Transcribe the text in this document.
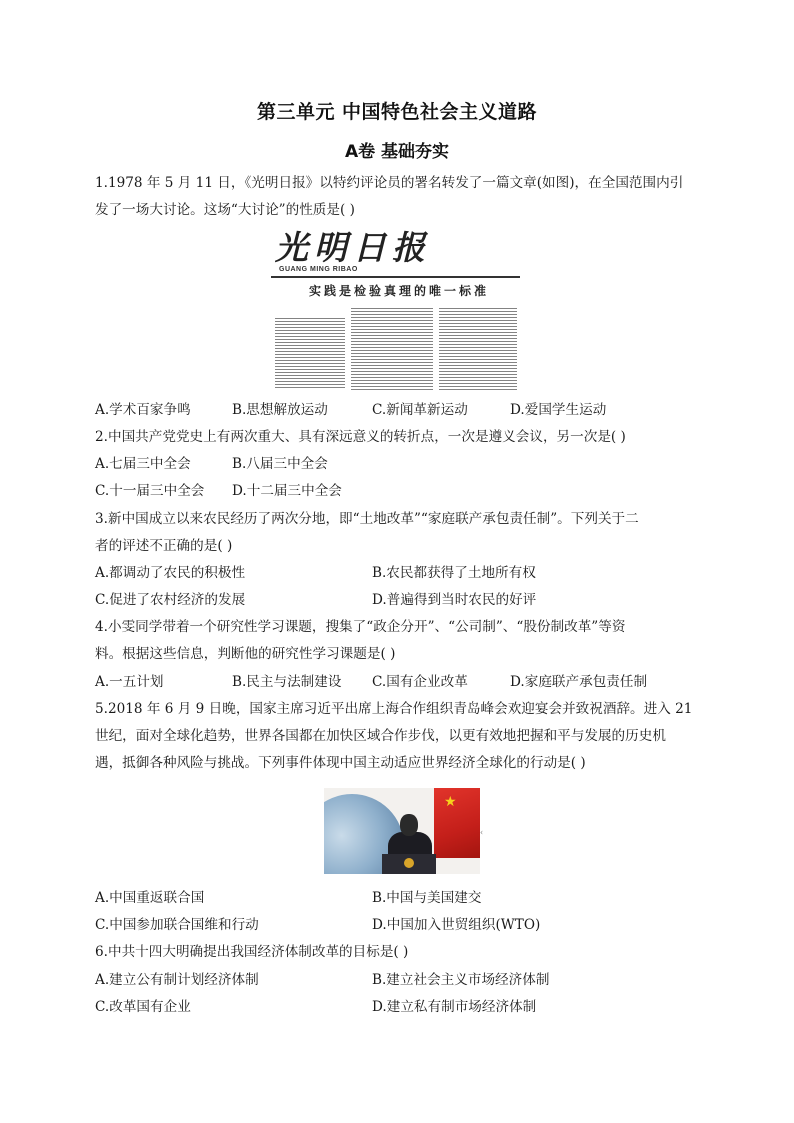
第三单元 中国特色社会主义道路
A卷 基础夯实
1.1978 年 5 月 11 日，《光明日报》以特约评论员的署名转发了一篇文章(如图)，在全国范围内引
发了一场大讨论。这场“大讨论”的性质是( )
光明日报
GUANG MING RIBAO
实践是检验真理的唯一标准
A.学术百家争鸣	B.思想解放运动	C.新闻革新运动	D.爱国学生运动
2.中国共产党党史上有两次重大、具有深远意义的转折点，一次是遵义会议，另一次是( )
A.七届三中全会	B.八届三中全会
C.十一届三中全会 D.十二届三中全会
3.新中国成立以来农民经历了两次分地，即“土地改革”“家庭联产承包责任制”。下列关于二
者的评述不正确的是( )
A.都调动了农民的积极性	B.农民都获得了土地所有权
C.促进了农村经济的发展	D.普遍得到当时农民的好评
4.小雯同学带着一个研究性学习课题，搜集了“政企分开”、“公司制”、“股份制改革”等资
料。根据这些信息，判断他的研究性学习课题是( )
A.一五计划	B.民主与法制建设 C.国有企业改革	D.家庭联产承包责任制
5.2018 年 6 月 9 日晚，国家主席习近平出席上海合作组织青岛峰会欢迎宴会并致祝酒辞。进入 21
世纪，面对全球化趋势，世界各国都在加快区域合作步伐，以更有效地把握和平与发展的历史机
遇，抵御各种风险与挑战。下列事件体现中国主动适应世界经济全球化的行动是( )
★
‹
A.中国重返联合国	B.中国与美国建交
C.中国参加联合国维和行动	D.中国加入世贸组织(WTO)
6.中共十四大明确提出我国经济体制改革的目标是( )
A.建立公有制计划经济体制	B.建立社会主义市场经济体制
C.改革国有企业	D.建立私有制市场经济体制
